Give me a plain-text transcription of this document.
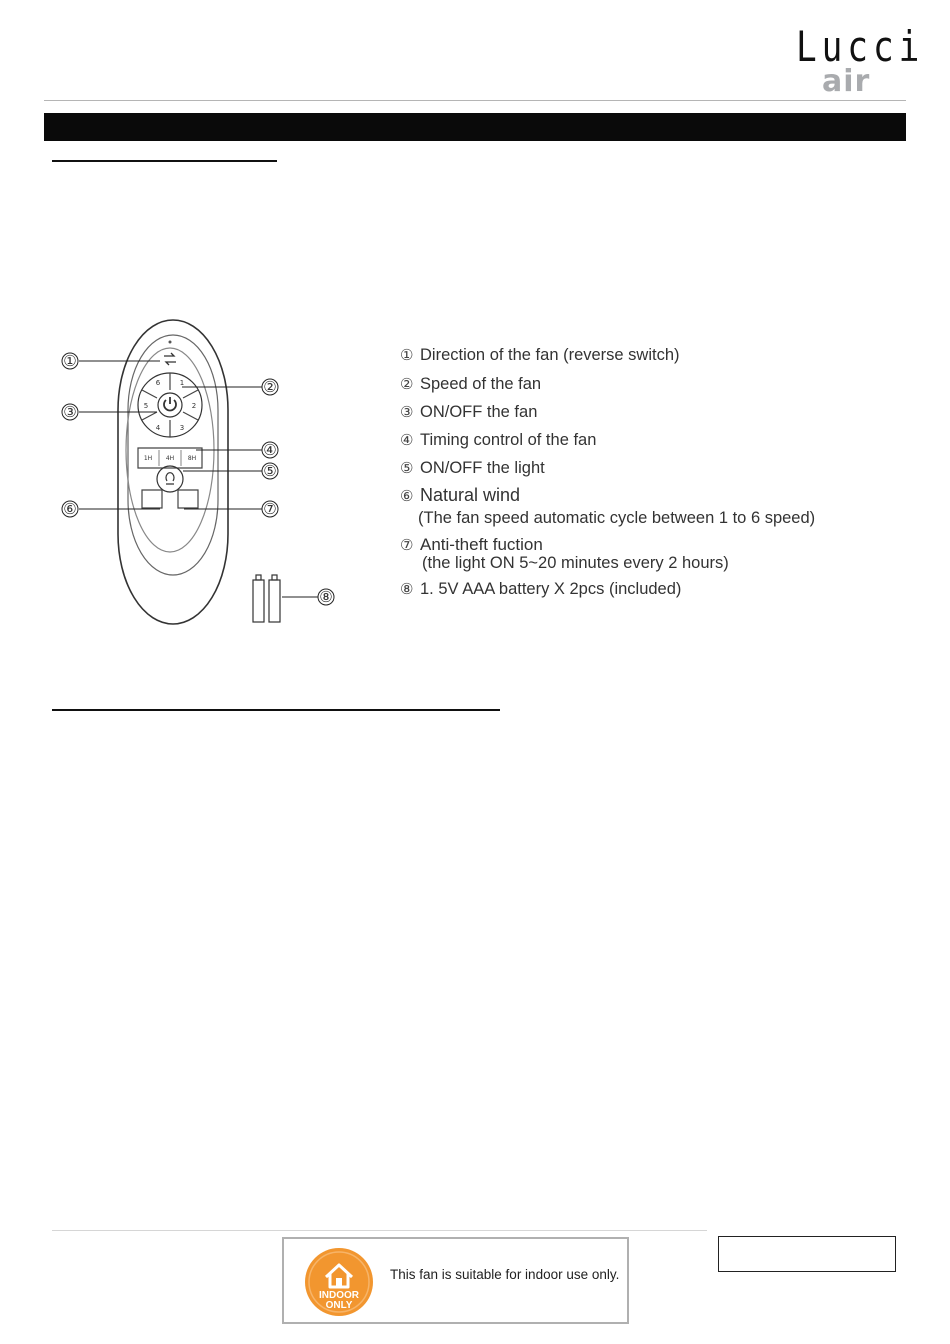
Lucci
air
1
2
3
4
5
6
1H 4H 8H
①
②
③
④
⑤
⑥	⑦
⑧
① Direction of the fan (reverse switch)
② Speed of the fan
③ ON/OFF the fan
④ Timing control of the fan
⑤ ON/OFF the light
⑥ Natural wind
(The fan speed automatic cycle between 1 to 6 speed)
⑦ Anti-theft fuction
(the light ON 5~20 minutes every 2 hours)
⑧ 1. 5V AAA battery X 2pcs (included)
INDOOR
ONLY
This fan is suitable for indoor use only.
